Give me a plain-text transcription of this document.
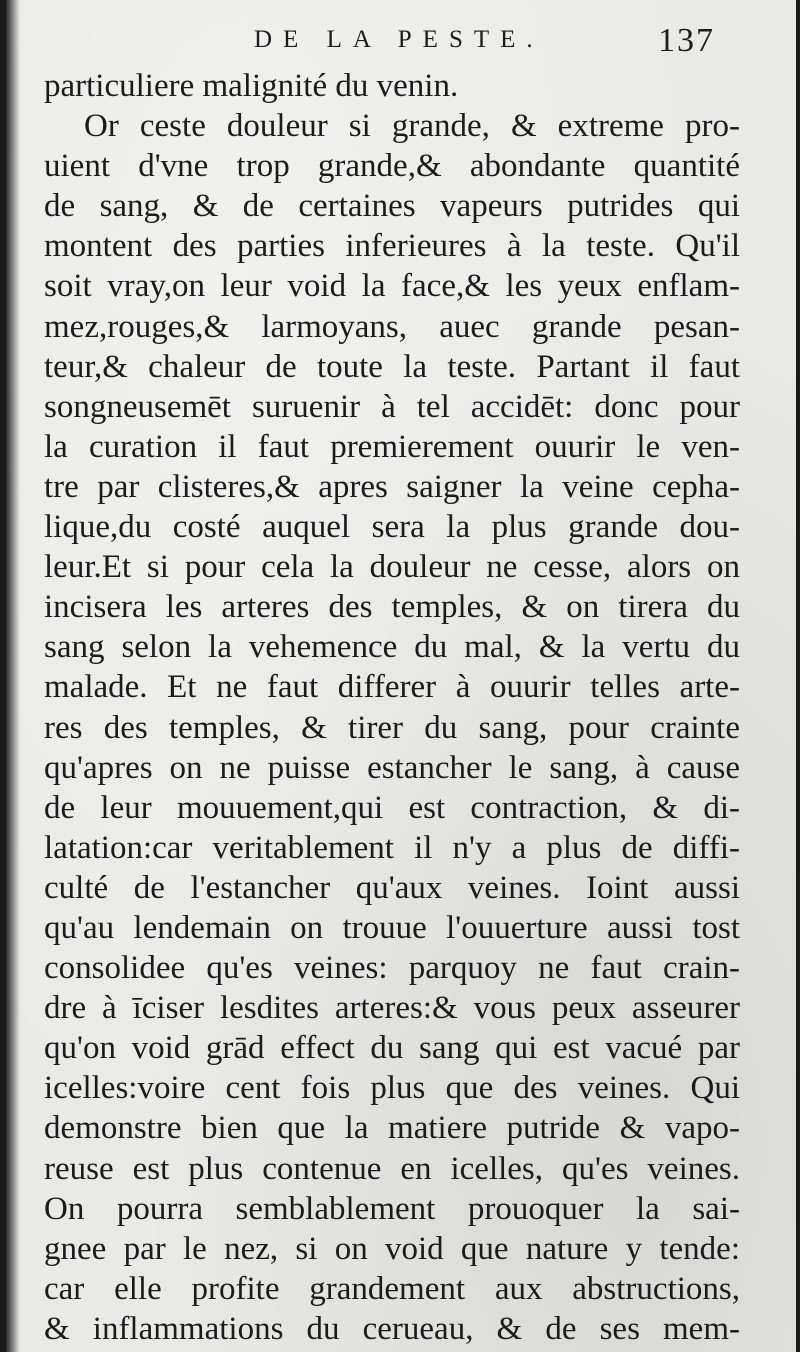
DE LA PESTE.	137
particuliere malignité du venin.
Or ceste douleur si grande, & extreme pro-
uient d'vne trop grande,& abondante quantité
de sang, & de certaines vapeurs putrides qui
montent des parties inferieures à la teste. Qu'il
soit vray,on leur void la face,& les yeux enflam-
mez,rouges,& larmoyans, auec grande pesan-
teur,& chaleur de toute la teste. Partant il faut
songneusemēt suruenir à tel accidēt: donc pour
la curation il faut premierement ouurir le ven-
tre par clisteres,& apres saigner la veine cepha-
lique,du costé auquel sera la plus grande dou-
leur.Et si pour cela la douleur ne cesse, alors on
incisera les arteres des temples, & on tirera du
sang selon la vehemence du mal, & la vertu du
malade. Et ne faut differer à ouurir telles arte-
res des temples, & tirer du sang, pour crainte
qu'apres on ne puisse estancher le sang, à cause
de leur mouuement,qui est contraction, & di-
latation:car veritablement il n'y a plus de diffi-
culté de l'estancher qu'aux veines. Ioint aussi
qu'au lendemain on trouue l'ouuerture aussi tost
consolidee qu'es veines: parquoy ne faut crain-
dre à īciser lesdites arteres:& vous peux asseurer
qu'on void grād effect du sang qui est vacué par
icelles:voire cent fois plus que des veines. Qui
demonstre bien que la matiere putride & vapo-
reuse est plus contenue en icelles, qu'es veines.
On pourra semblablement prouoquer la sai-
gnee par le nez, si on void que nature y tende:
car elle profite grandement aux abstructions,
& inflammations du cerueau, & de ses mem-
